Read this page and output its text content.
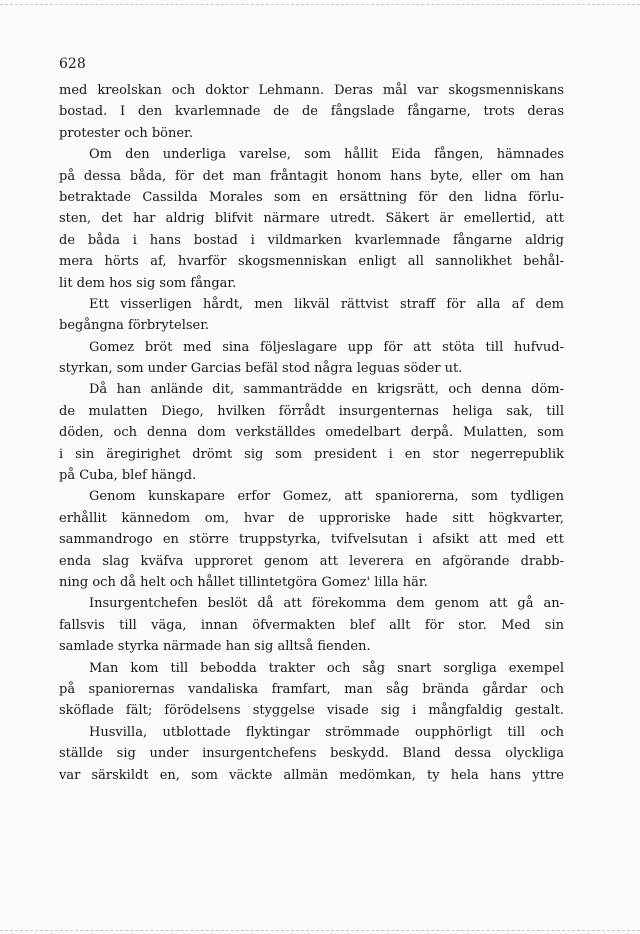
628
med kreolskan och doktor Lehmann. Deras mål var skogsmenniskans
bostad. I den kvarlemnade de de fångslade fångarne, trots deras
protester och böner.
Om den underliga varelse, som hållit Eida fången, hämnades
på dessa båda, för det man fråntagit honom hans byte, eller om han
betraktade Cassilda Morales som en ersättning för den lidna förlu-
sten, det har aldrig blifvit närmare utredt. Säkert är emellertid, att
de båda i hans bostad i vildmarken kvarlemnade fångarne aldrig
mera hörts af, hvarför skogsmenniskan enligt all sannolikhet behål-
lit dem hos sig som fångar.
Ett visserligen hårdt, men likväl rättvist straff för alla af dem
begångna förbrytelser.
Gomez bröt med sina följeslagare upp för att stöta till hufvud-
styrkan, som under Garcias befäl stod några leguas söder ut.
Då han anlände dit, sammanträdde en krigsrätt, och denna döm-
de mulatten Diego, hvilken förrådt insurgenternas heliga sak, till
döden, och denna dom verkställdes omedelbart derpå. Mulatten, som
i sin äregirighet drömt sig som president i en stor negerrepublik
på Cuba, blef hängd.
Genom kunskapare erfor Gomez, att spaniorerna, som tydligen
erhållit kännedom om, hvar de upproriske hade sitt högkvarter,
sammandrogo en större truppstyrka, tvifvelsutan i afsikt att med ett
enda slag kväfva upproret genom att leverera en afgörande drabb-
ning och då helt och hållet tillintetgöra Gomez' lilla här.
Insurgentchefen beslöt då att förekomma dem genom att gå an-
fallsvis till väga, innan öfvermakten blef allt för stor. Med sin
samlade styrka närmade han sig alltså fienden.
Man kom till bebodda trakter och såg snart sorgliga exempel
på spaniorernas vandaliska framfart, man såg brända gårdar och
sköflade fält; förödelsens styggelse visade sig i mångfaldig gestalt.
Husvilla, utblottade flyktingar strömmade oupphörligt till och
ställde sig under insurgentchefens beskydd. Bland dessa olyckliga
var särskildt en, som väckte allmän medömkan, ty hela hans yttre
